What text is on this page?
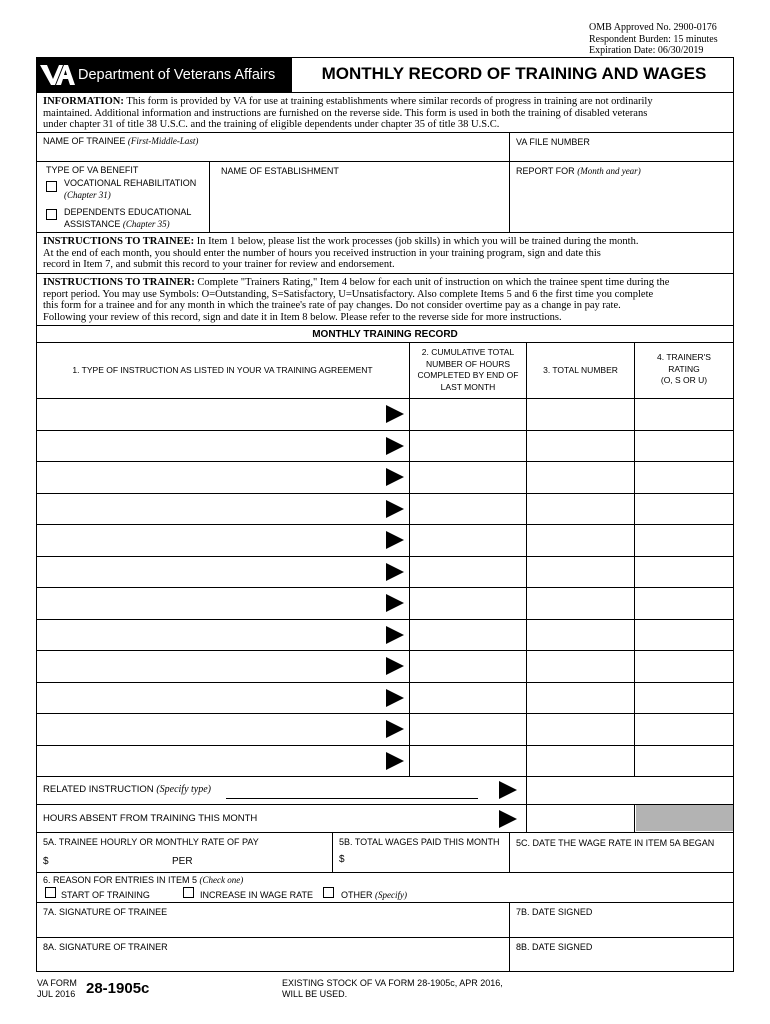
OMB Approved No. 2900-0176
Respondent Burden: 15 minutes
Expiration Date: 06/30/2019
Department of Veterans Affairs	MONTHLY RECORD OF TRAINING AND WAGES
INFORMATION: This form is provided by VA for use at training establishments where similar records of progress in training are not ordinarily
maintained. Additional information and instructions are furnished on the reverse side. This form is used in both the training of disabled veterans
under chapter 31 of title 38 U.S.C. and the training of eligible dependents under chapter 35 of title 38 U.S.C.
NAME OF TRAINEE (First-Middle-Last)	VA FILE NUMBER
TYPE OF VA BENEFIT
VOCATIONAL REHABILITATION
(Chapter 31)
DEPENDENTS EDUCATIONAL
ASSISTANCE (Chapter 35)
NAME OF ESTABLISHMENT	REPORT FOR (Month and year)
INSTRUCTIONS TO TRAINEE: In Item 1 below, please list the work processes (job skills) in which you will be trained during the month.
At the end of each month, you should enter the number of hours you received instruction in your training program, sign and date this
record in Item 7, and submit this record to your trainer for review and endorsement.
INSTRUCTIONS TO TRAINER: Complete "Trainers Rating," Item 4 below for each unit of instruction on which the trainee spent time during the
report period. You may use Symbols: O=Outstanding, S=Satisfactory, U=Unsatisfactory. Also complete Items 5 and 6 the first time you complete
this form for a trainee and for any month in which the trainee's rate of pay changes. Do not consider overtime pay as a change in pay rate.
Following your review of this record, sign and date it in Item 8 below. Please refer to the reverse side for more instructions.
MONTHLY TRAINING RECORD
1. TYPE OF INSTRUCTION AS LISTED IN YOUR VA TRAINING AGREEMENT
2. CUMULATIVE TOTAL
NUMBER OF HOURS
COMPLETED BY END OF
LAST MONTH
3. TOTAL NUMBER
4. TRAINER'S
RATING
(O, S OR U)
RELATED INSTRUCTION (Specify type)
HOURS ABSENT FROM TRAINING THIS MONTH
5A. TRAINEE HOURLY OR MONTHLY RATE OF PAY
$	PER
5B. TOTAL WAGES PAID THIS MONTH
$
5C. DATE THE WAGE RATE IN ITEM 5A BEGAN
6. REASON FOR ENTRIES IN ITEM 5 (Check one)
START OF TRAINING	INCREASE IN WAGE RATE	OTHER (Specify)
7A. SIGNATURE OF TRAINEE	7B. DATE SIGNED
8A. SIGNATURE OF TRAINER	8B. DATE SIGNED
VA FORM
JUL 2016 28-1905c	EXISTING STOCK OF VA FORM 28-1905c, APR 2016,
WILL BE USED.
